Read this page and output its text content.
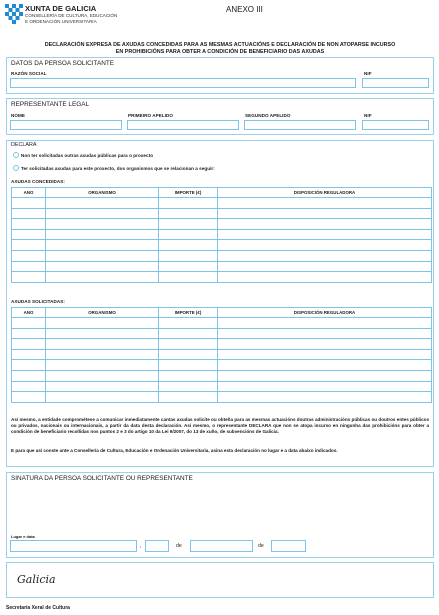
XUNTA DE GALICIA
CONSELLERÍA DE CULTURA, EDUCACIÓN
E ORDENACIÓN UNIVERSITARIA
ANEXO III
DECLARACIÓN EXPRESA DE AXUDAS CONCEDIDAS PARA AS MESMAS ACTUACIÓNS E DECLARACIÓN DE NON ATOPARSE INCURSO
EN PROHIBICIÓNS PARA OBTER A CONDICIÓN DE BENEFICIARIO DAS AXUDAS
DATOS DA PERSOA SOLICITANTE
RAZÓN SOCIAL	NIF
REPRESENTANTE LEGAL
NOME	PRIMEIRO APELIDO	SEGUNDO APELIDO	NIF
DECLARA
Non ter solicitadas outras axudas públicas para o proxecto
Ter solicitadas axudas para este proxecto, dos organismos que se relacionan a seguir:
AXUDAS CONCEDIDAS:
ANO	ORGANISMO	IMPORTE (€)	DISPOSICIÓN REGULADORA

AXUDAS SOLICITADAS:
ANO	ORGANISMO	IMPORTE (€)	DISPOSICIÓN REGULADORA

Así mesmo, a entidade comprométese a comunicar inmediatamente cantas axudas solicite ou obteña para as mesmas actuacións doutras administracións públicas ou doutros entes públicos ou privados, nacionais ou internacionais, a partir da data desta declaración. Así mesmo, o representante DECLARA que non se atopa incurso en ningunha das prohibicións para obter a condición de beneficiario recollidas nos puntos 2 e 3 do artigo 10 da Lei 9/2007, do 13 de xuño, de subvencións de Galicia.
E para que así conste ante a Consellería de Cultura, Educación e Ordenación Universitaria, asina esta declaración no lugar e a data abaixo indicados.
SINATURA DA PERSOA SOLICITANTE OU REPRESENTANTE
Lugar e data
,	de	de
Galicia
Secretaría Xeral de Cultura
